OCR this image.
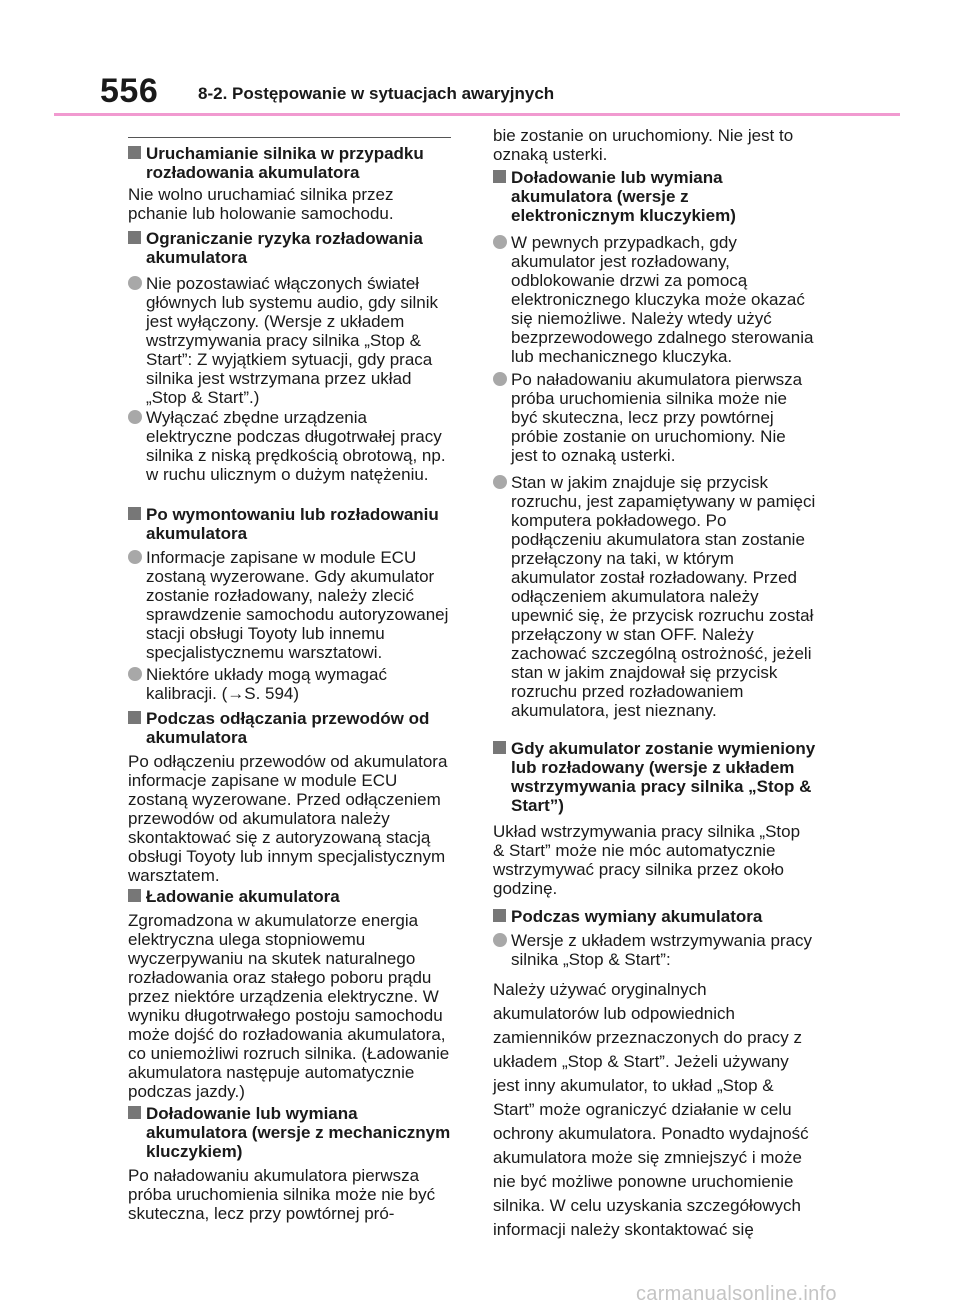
556 8-2. Postępowanie w sytuacjach awaryjnych
Uruchamianie silnika w przypadku rozładowania akumulatora
Nie wolno uruchamiać silnika przez pchanie lub holowanie samochodu.
Ograniczanie ryzyka rozładowania akumulatora
Nie pozostawiać włączonych świateł głównych lub systemu audio, gdy silnik jest wyłączony. (Wersje z układem wstrzymywania pracy silnika „Stop & Start”: Z wyjątkiem sytuacji, gdy praca silnika jest wstrzymana przez układ „Stop & Start”.)
Wyłączać zbędne urządzenia elektryczne podczas długotrwałej pracy silnika z niską prędkością obrotową, np. w ruchu ulicznym o dużym natężeniu.
Po wymontowaniu lub rozładowaniu akumulatora
Informacje zapisane w module ECU zostaną wyzerowane. Gdy akumulator zostanie rozładowany, należy zlecić sprawdzenie samochodu autoryzowanej stacji obsługi Toyoty lub innemu specjalistycznemu warsztatowi.
Niektóre układy mogą wymagać kalibracji. (→S. 594)
Podczas odłączania przewodów od akumulatora
Po odłączeniu przewodów od akumulatora informacje zapisane w module ECU zostaną wyzerowane. Przed odłączeniem przewodów od akumulatora należy skontaktować się z autoryzowaną stacją obsługi Toyoty lub innym specjalistycznym warsztatem.
Ładowanie akumulatora
Zgromadzona w akumulatorze energia elektryczna ulega stopniowemu wyczerpywaniu na skutek naturalnego rozładowania oraz stałego poboru prądu przez niektóre urządzenia elektryczne. W wyniku długotrwałego postoju samochodu może dojść do rozładowania akumulatora, co uniemożliwi rozruch silnika. (Ładowanie akumulatora następuje automatycznie podczas jazdy.)
Doładowanie lub wymiana akumulatora (wersje z mechanicznym kluczykiem)
Po naładowaniu akumulatora pierwsza próba uruchomienia silnika może nie być skuteczna, lecz przy powtórnej pró-
bie zostanie on uruchomiony. Nie jest to oznaką usterki.
Doładowanie lub wymiana akumulatora (wersje z elektronicznym kluczykiem)
W pewnych przypadkach, gdy akumulator jest rozładowany, odblokowanie drzwi za pomocą elektronicznego kluczyka może okazać się niemożliwe. Należy wtedy użyć bezprzewodowego zdalnego sterowania lub mechanicznego kluczyka.
Po naładowaniu akumulatora pierwsza próba uruchomienia silnika może nie być skuteczna, lecz przy powtórnej próbie zostanie on uruchomiony. Nie jest to oznaką usterki.
Stan w jakim znajduje się przycisk rozruchu, jest zapamiętywany w pamięci komputera pokładowego. Po podłączeniu akumulatora stan zostanie przełączony na taki, w którym akumulator został rozładowany. Przed odłączeniem akumulatora należy upewnić się, że przycisk rozruchu został przełączony w stan OFF. Należy zachować szczególną ostrożność, jeżeli stan w jakim znajdował się przycisk rozruchu przed rozładowaniem akumulatora, jest nieznany.
Gdy akumulator zostanie wymieniony lub rozładowany (wersje z układem wstrzymywania pracy silnika „Stop & Start”)
Układ wstrzymywania pracy silnika „Stop & Start” może nie móc automatycznie wstrzymywać pracy silnika przez około godzinę.
Podczas wymiany akumulatora
Wersje z układem wstrzymywania pracy silnika „Stop & Start”:
Należy używać oryginalnych akumulatorów lub odpowiednich zamienników przeznaczonych do pracy z układem „Stop & Start”. Jeżeli używany jest inny akumulator, to układ „Stop & Start” może ograniczyć działanie w celu ochrony akumulatora. Ponadto wydajność akumulatora może się zmniejszyć i może nie być możliwe ponowne uruchomienie silnika. W celu uzyskania szczegółowych informacji należy skontaktować się
carmanualsonline.info
